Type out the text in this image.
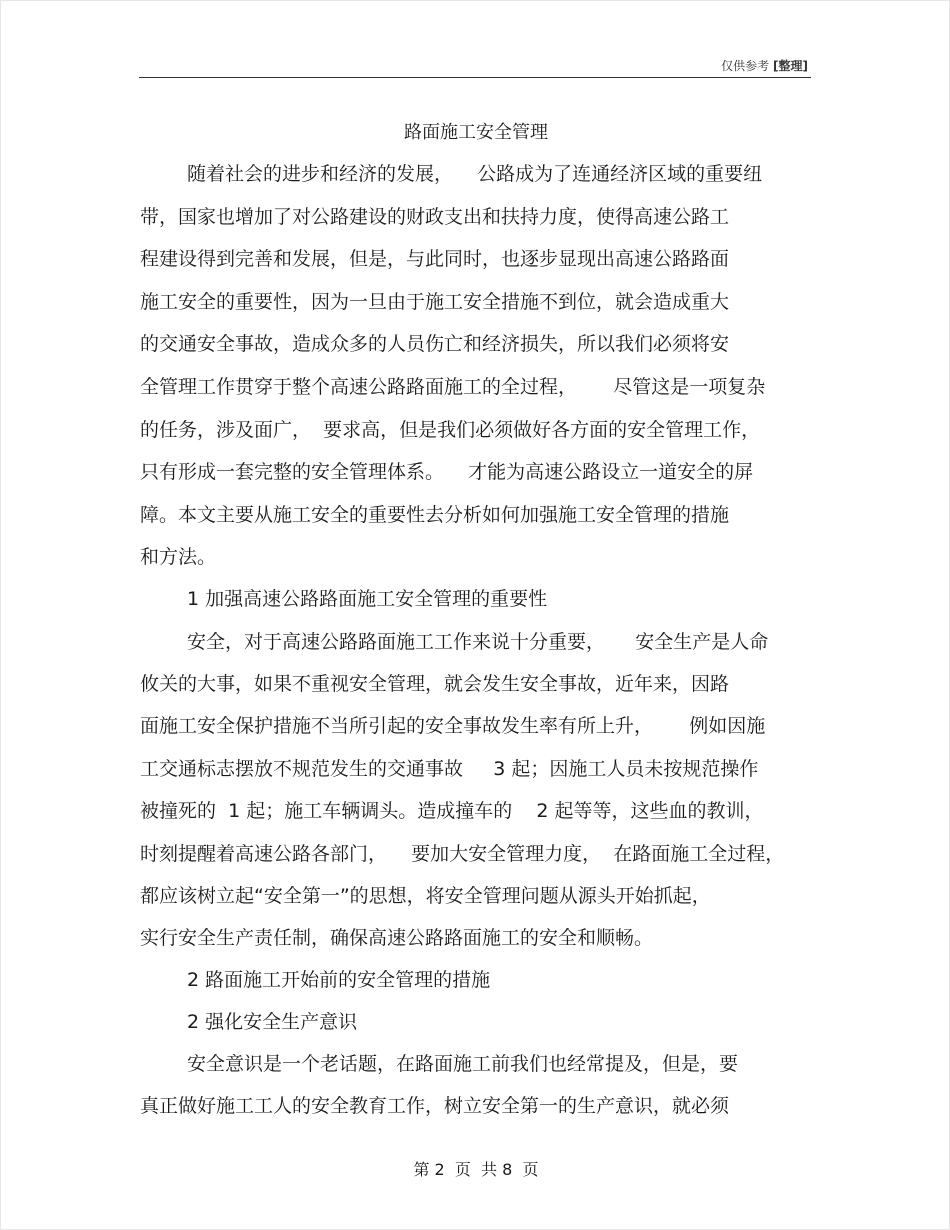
仅供参考 [整理]
路面施工安全管理
随着社会的进步和经济的发展，    公路成为了连通经济区域的重要纽
带，国家也增加了对公路建设的财政支出和扶持力度，使得高速公路工
程建设得到完善和发展，但是，与此同时，也逐步显现出高速公路路面
施工安全的重要性，因为一旦由于施工安全措施不到位，就会造成重大
的交通安全事故，造成众多的人员伤亡和经济损失，所以我们必须将安
全管理工作贯穿于整个高速公路路面施工的全过程，      尽管这是一项复杂
的任务，涉及面广，  要求高，但是我们必须做好各方面的安全管理工作，
只有形成一套完整的安全管理体系。    才能为高速公路设立一道安全的屏
障。本文主要从施工安全的重要性去分析如何加强施工安全管理的措施
和方法。
1 加强高速公路路面施工安全管理的重要性
安全，对于高速公路路面施工工作来说十分重要，     安全生产是人命
攸关的大事，如果不重视安全管理，就会发生安全事故，近年来，因路
面施工安全保护措施不当所引起的安全事故发生率有所上升，      例如因施
工交通标志摆放不规范发生的交通事故     3 起；因施工人员未按规范操作
被撞死的  1 起；施工车辆调头。造成撞车的    2 起等等，这些血的教训，
时刻提醒着高速公路各部门，    要加大安全管理力度，  在路面施工全过程，
都应该树立起“安全第一”的思想，将安全管理问题从源头开始抓起，
实行安全生产责任制，确保高速公路路面施工的安全和顺畅。
2 路面施工开始前的安全管理的措施
2 强化安全生产意识
安全意识是一个老话题，在路面施工前我们也经常提及，但是，要
真正做好施工工人的安全教育工作，树立安全第一的生产意识，就必须
第 2  页  共 8  页
